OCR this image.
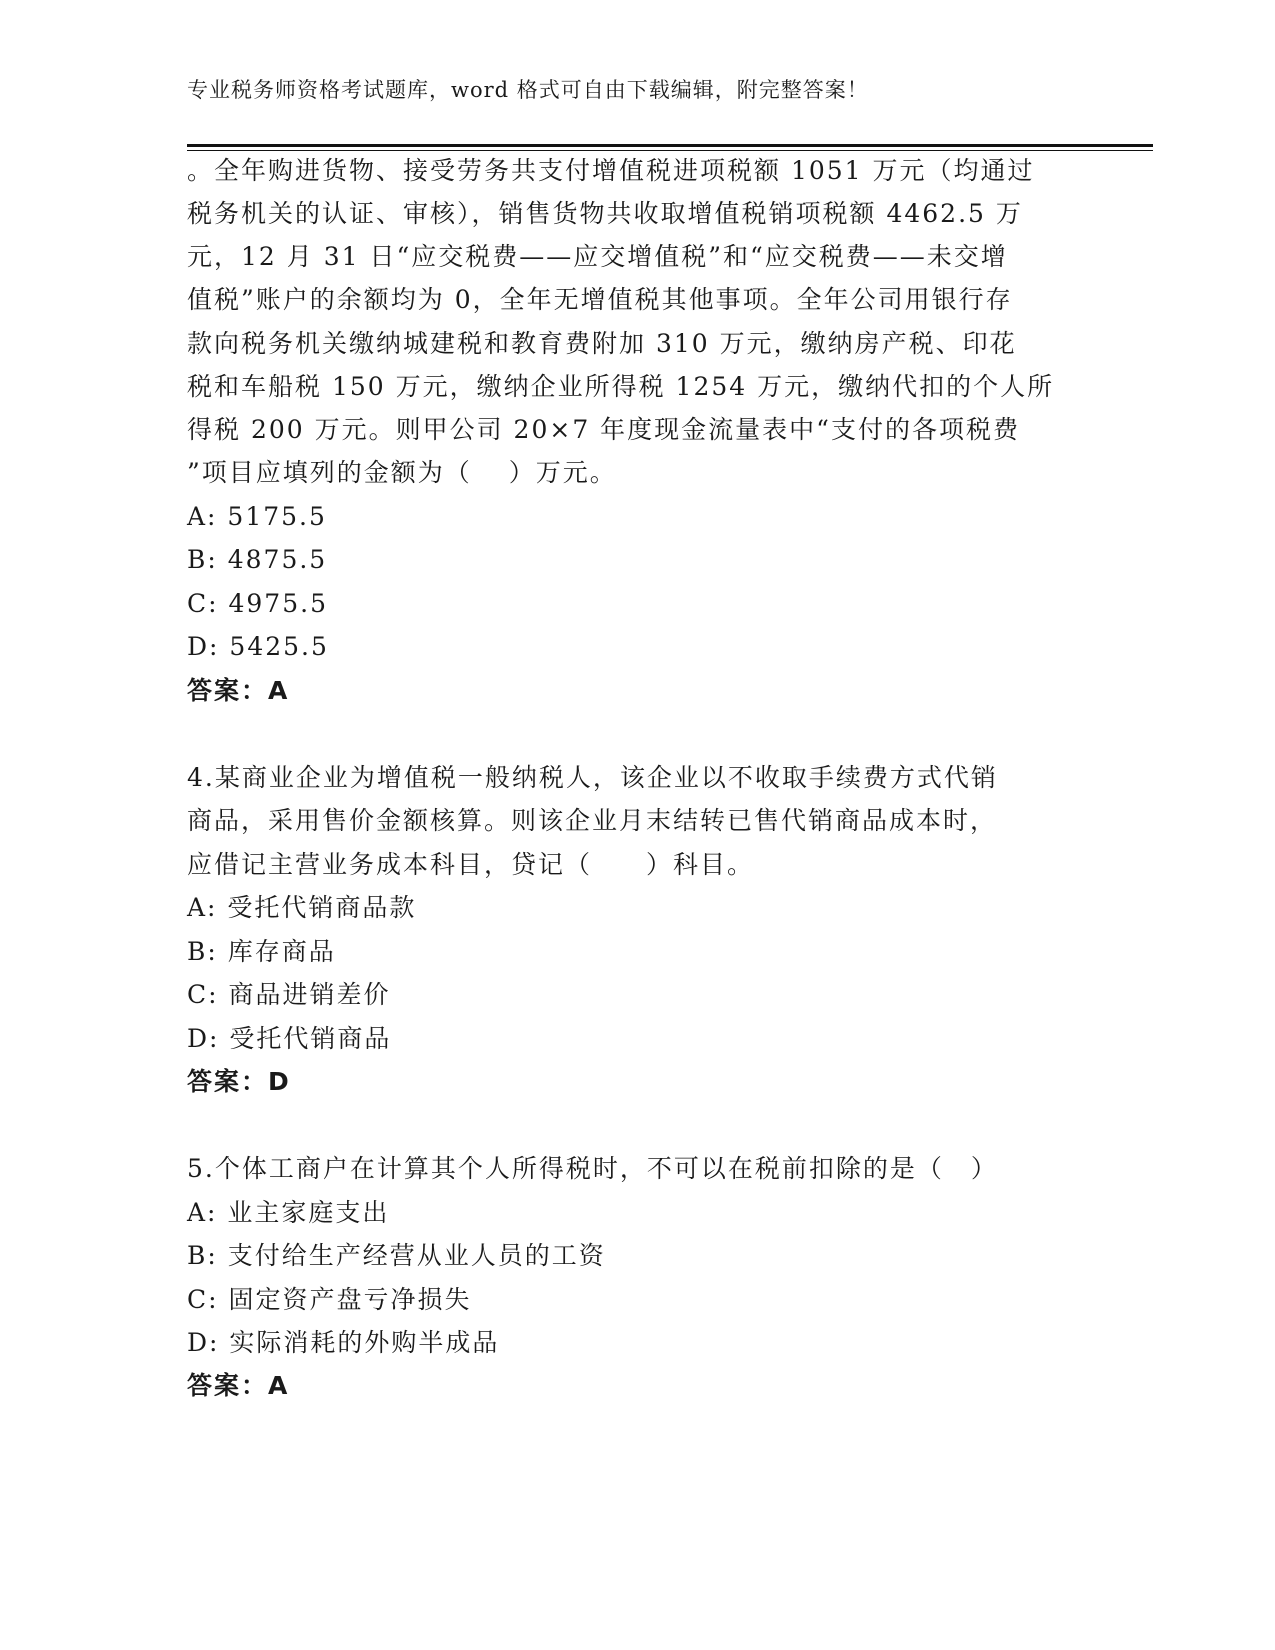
专业税务师资格考试题库，word 格式可自由下载编辑，附完整答案！
。全年购进货物、接受劳务共支付增值税进项税额 1051 万元（均通过
税务机关的认证、审核），销售货物共收取增值税销项税额 4462.5 万
元，12 月 31 日“应交税费——应交增值税”和“应交税费——未交增
值税”账户的余额均为 0，全年无增值税其他事项。全年公司用银行存
款向税务机关缴纳城建税和教育费附加 310 万元，缴纳房产税、印花
税和车船税 150 万元，缴纳企业所得税 1254 万元，缴纳代扣的个人所
得税 200 万元。则甲公司 20×7 年度现金流量表中“支付的各项税费
”项目应填列的金额为（　 ）万元。
A: 5175.5
B: 4875.5
C: 4975.5
D: 5425.5
答案：A
4.某商业企业为增值税一般纳税人，该企业以不收取手续费方式代销
商品，采用售价金额核算。则该企业月末结转已售代销商品成本时，
应借记主营业务成本科目，贷记（　　）科目。
A: 受托代销商品款
B: 库存商品
C: 商品进销差价
D: 受托代销商品
答案：D
5.个体工商户在计算其个人所得税时，不可以在税前扣除的是（　）
A: 业主家庭支出
B: 支付给生产经营从业人员的工资
C: 固定资产盘亏净损失
D: 实际消耗的外购半成品
答案：A
